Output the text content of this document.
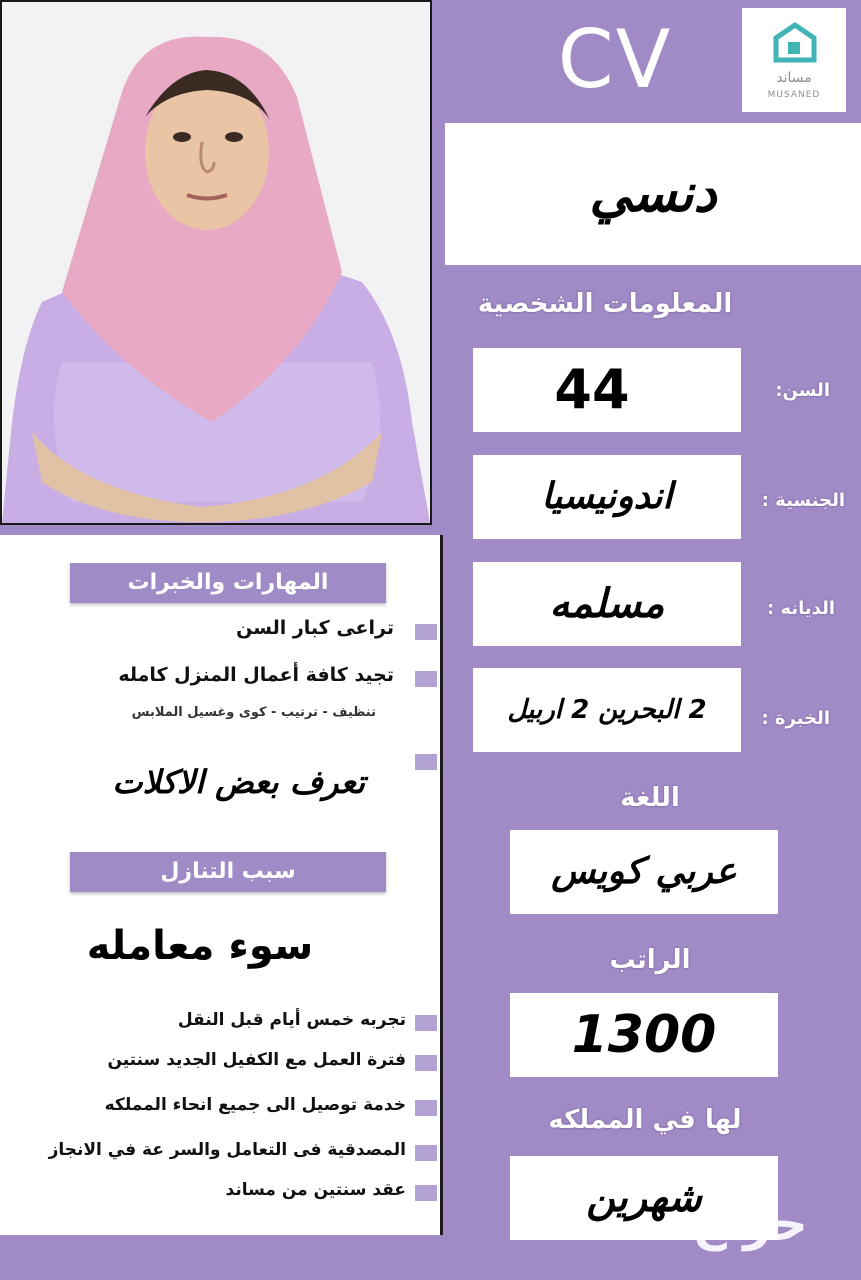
CV	مساند
MUSANED
دنسي
المعلومات الشخصية
44	السن:
اندونيسيا	الجنسية :
مسلمه	الديانه :
2 البحرين 2 اربيل	الخبرة :
اللغة
عربي كويس
الراتب
1300
لها في المملكه
شهرين
المهارات والخبرات
تراعى كبار السن
تجيد كافة أعمال المنزل كامله
تنظيف - ترتيب - كوى وغسيل الملابس
تعرف بعض الاكلات
سبب التنازل
سوء معامله
تجربه خمس أيام قبل النقل
فترة العمل مع الكفيل الجديد سنتين
خدمة توصيل الى جميع انحاء المملكه
المصدقية فى التعامل والسر عة في الانجاز
عقد سنتين من مساند
حراج
